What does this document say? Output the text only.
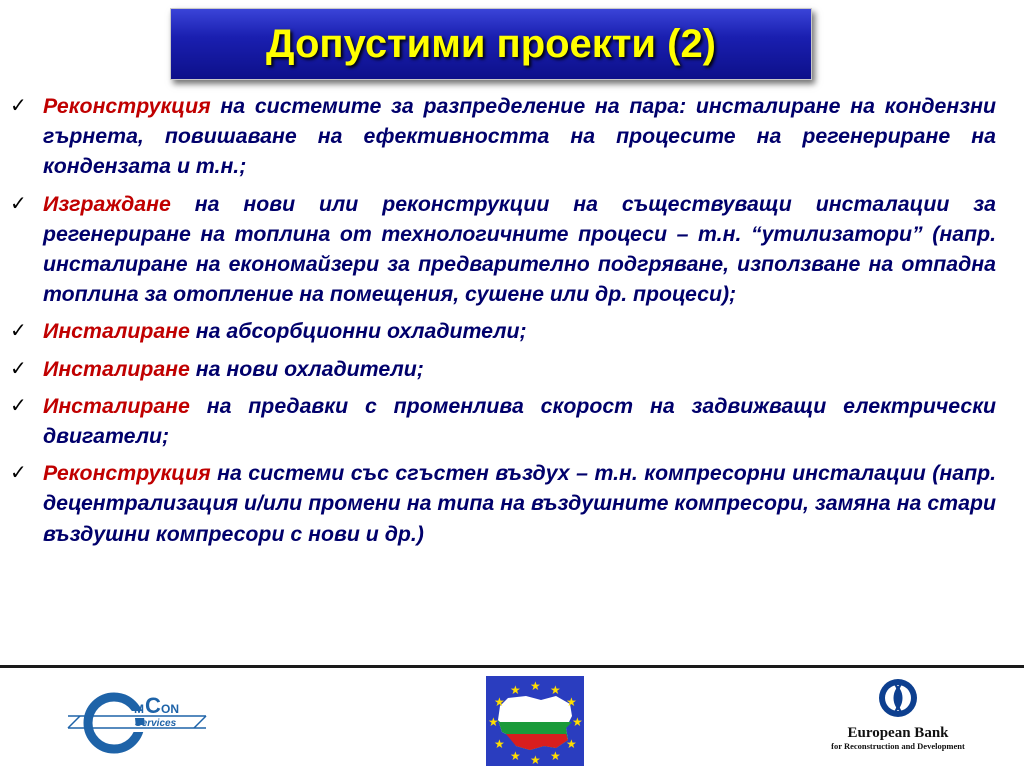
Допустими проекти (2)
✓ Реконструкция на системите за разпределение на пара: инсталиране на кондензни гърнета, повишаване на ефективността на процесите на регенериране на кондензата и т.н.;
✓ Изграждане на нови или реконструкции на съществуващи инсталации за регенериране на топлина от технологичните процеси – т.н. “утилизатори” (напр. инсталиране на економайзери за предварително подгряване, използване на отпадна топлина за отопление на помещения, сушене или др. процеси);
✓ Инсталиране на абсорбционни охладители;
✓ Инсталиране на нови охладители;
✓ Инсталиране на предавки с променлива скорост на задвижващи електрически двигатели;
✓ Реконструкция на системи със сгъстен въздух – т.н. компресорни инсталации (напр. децентрализация и/или промени на типа на въздушните компресори, замяна на стари въздушни компресори с нови и др.)
M C ON
Services
★ ★
★
★
★
★
★
★
★
★
★
★
European Bank
for Reconstruction and Development
